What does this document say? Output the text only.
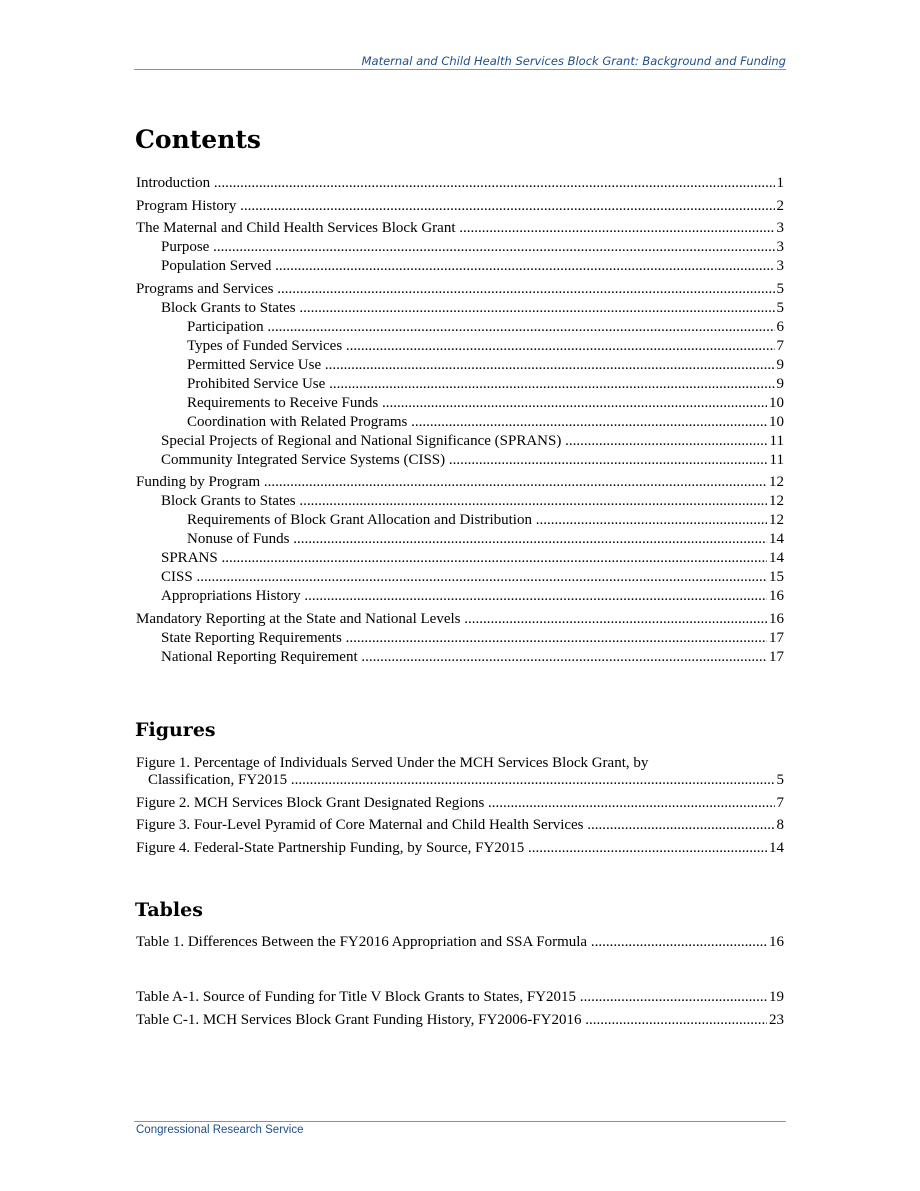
Maternal and Child Health Services Block Grant: Background and Funding
Contents
Introduction .....	1
Program History .....	2
The Maternal and Child Health Services Block Grant .....	3
Purpose .....	3
Population Served .....	3
Programs and Services .....	5
Block Grants to States .....	5
Participation .....	6
Types of Funded Services .....	7
Permitted Service Use .....	9
Prohibited Service Use .....	9
Requirements to Receive Funds .....	10
Coordination with Related Programs .....	10
Special Projects of Regional and National Significance (SPRANS) .....	11
Community Integrated Service Systems (CISS) .....	11
Funding by Program .....	12
Block Grants to States .....	12
Requirements of Block Grant Allocation and Distribution .....	12
Nonuse of Funds .....	14
SPRANS .....	14
CISS .....	15
Appropriations History .....	16
Mandatory Reporting at the State and National Levels .....	16
State Reporting Requirements .....	17
National Reporting Requirement .....	17
Figures
Figure 1. Percentage of Individuals Served Under the MCH Services Block Grant, by
Classification, FY2015 .....	5
Figure 2. MCH Services Block Grant Designated Regions .....	7
Figure 3. Four-Level Pyramid of Core Maternal and Child Health Services .....	8
Figure 4. Federal-State Partnership Funding, by Source, FY2015 .....	14
Tables
Table 1. Differences Between the FY2016 Appropriation and SSA Formula .....	16
Table A-1. Source of Funding for Title V Block Grants to States, FY2015 .....	19
Table C-1. MCH Services Block Grant Funding History, FY2006-FY2016 .....	23
Congressional Research Service
